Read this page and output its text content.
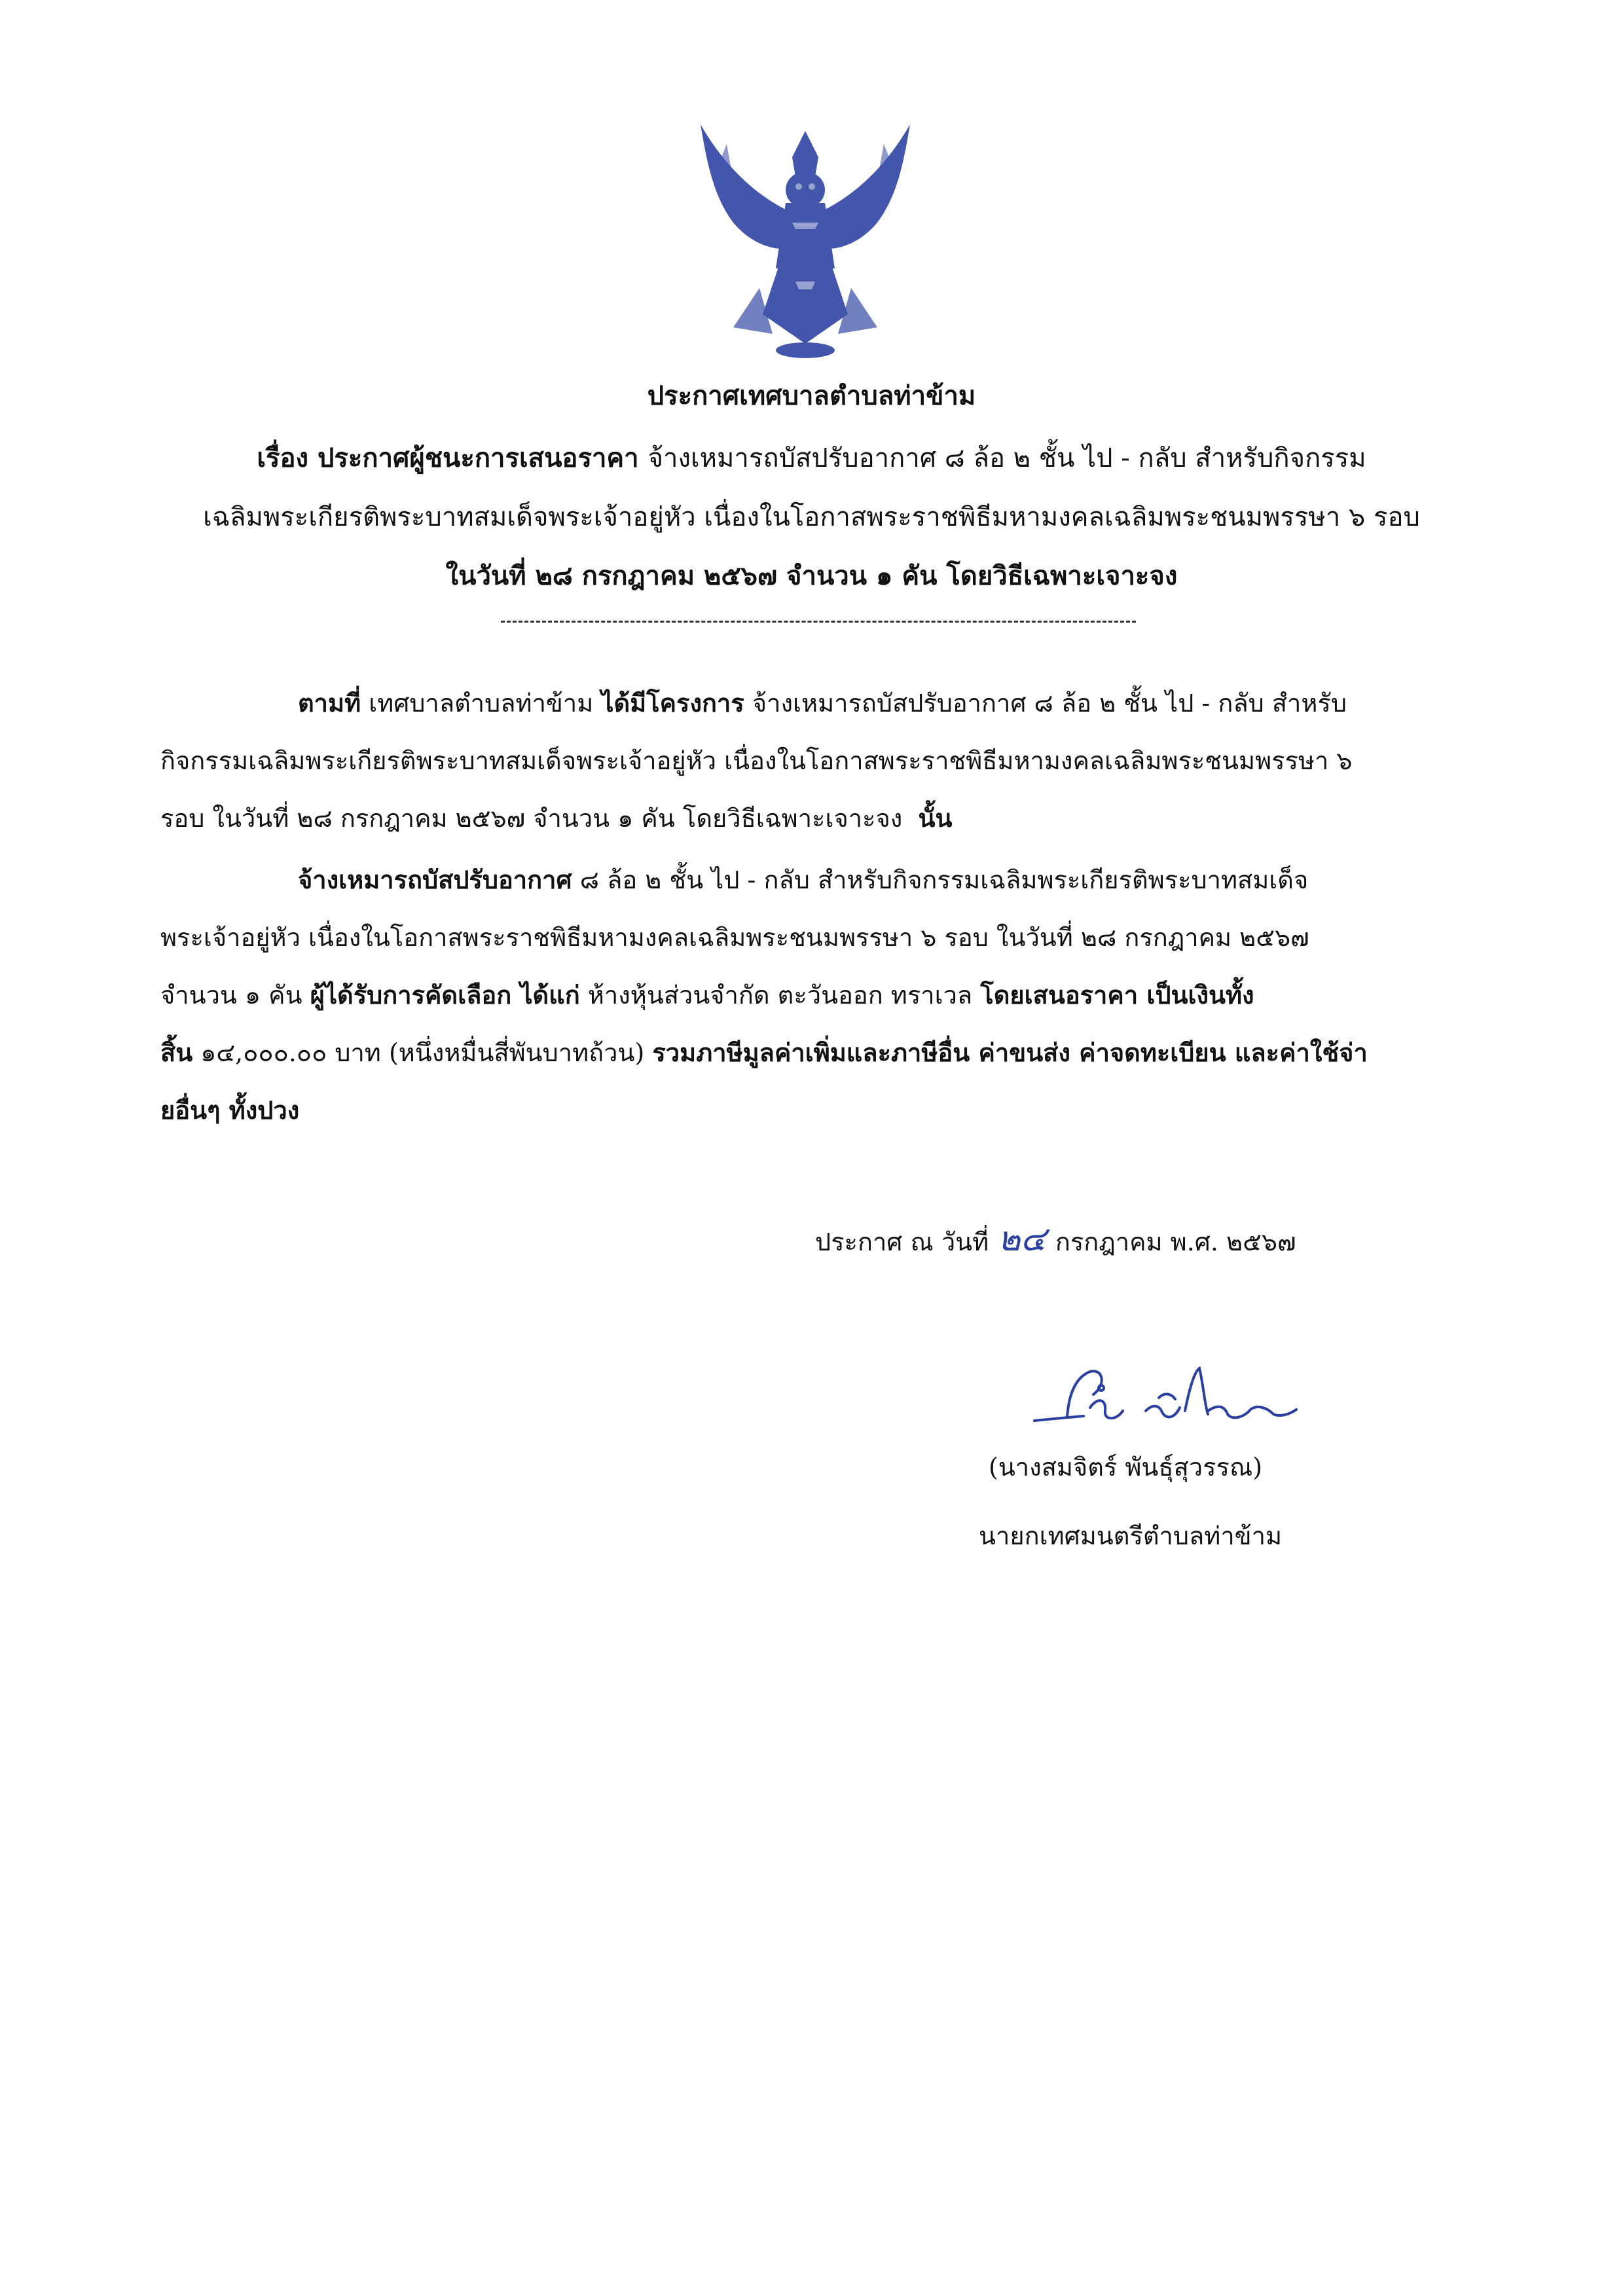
ประกาศเทศบาลตำบลท่าข้าม
เรื่อง ประกาศผู้ชนะการเสนอราคา จ้างเหมารถบัสปรับอากาศ ๘ ล้อ ๒ ชั้น ไป - กลับ สำหรับกิจกรรม
เฉลิมพระเกียรติพระบาทสมเด็จพระเจ้าอยู่หัว เนื่องในโอกาสพระราชพิธีมหามงคลเฉลิมพระชนมพรรษา ๖ รอบ
ในวันที่ ๒๘ กรกฎาคม ๒๕๖๗ จำนวน ๑ คัน โดยวิธีเฉพาะเจาะจง
ตามที่ เทศบาลตำบลท่าข้าม ได้มีโครงการ จ้างเหมารถบัสปรับอากาศ ๘ ล้อ ๒ ชั้น ไป - กลับ สำหรับ
กิจกรรมเฉลิมพระเกียรติพระบาทสมเด็จพระเจ้าอยู่หัว เนื่องในโอกาสพระราชพิธีมหามงคลเฉลิมพระชนมพรรษา ๖
รอบ ในวันที่ ๒๘ กรกฎาคม ๒๕๖๗ จำนวน ๑ คัน โดยวิธีเฉพาะเจาะจง นั้น
จ้างเหมารถบัสปรับอากาศ ๘ ล้อ ๒ ชั้น ไป - กลับ สำหรับกิจกรรมเฉลิมพระเกียรติพระบาทสมเด็จ
พระเจ้าอยู่หัว เนื่องในโอกาสพระราชพิธีมหามงคลเฉลิมพระชนมพรรษา ๖ รอบ ในวันที่ ๒๘ กรกฎาคม ๒๕๖๗
จำนวน ๑ คัน ผู้ได้รับการคัดเลือก ได้แก่ ห้างหุ้นส่วนจำกัด ตะวันออก ทราเวล โดยเสนอราคา เป็นเงินทั้ง
สิ้น ๑๔,๐๐๐.๐๐ บาท (หนึ่งหมื่นสี่พันบาทถ้วน) รวมภาษีมูลค่าเพิ่มและภาษีอื่น ค่าขนส่ง ค่าจดทะเบียน และค่าใช้จ่า
ยอื่นๆ ทั้งปวง
ประกาศ ณ วันที่ ๒๔ กรกฎาคม พ.ศ. ๒๕๖๗
(นางสมจิตร์ พันธุ์สุวรรณ)
นายกเทศมนตรีตำบลท่าข้าม
